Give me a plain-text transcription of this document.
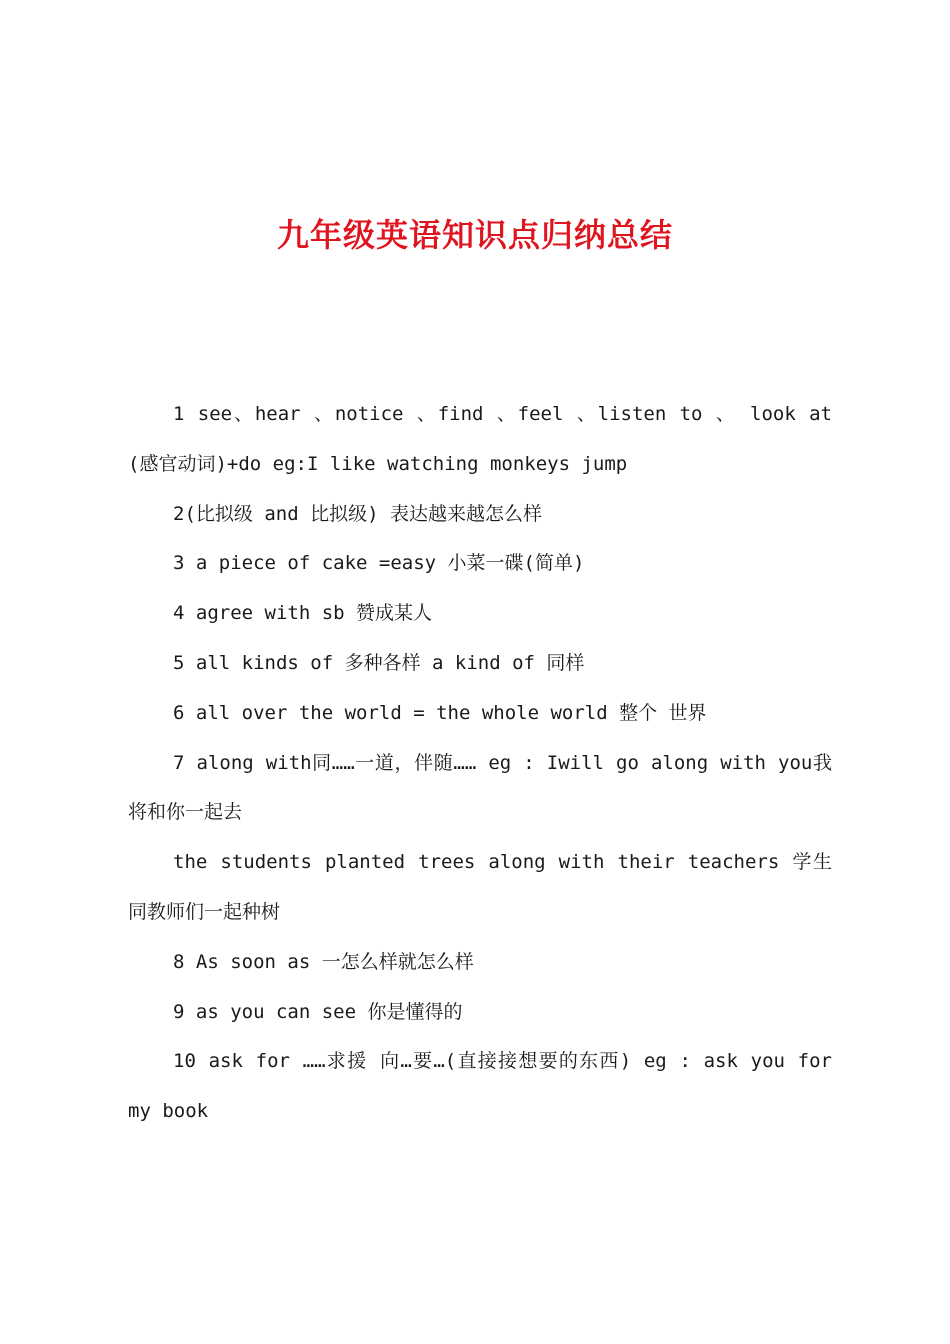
九年级英语知识点归纳总结

1 see、hear 、notice 、find 、feel 、listen to 、 look at (感官动词)+do eg:I like watching monkeys jump

2(比拟级 and 比拟级) 表达越来越怎么样

3 a piece of cake =easy 小菜一碟(简单)

4 agree with sb 赞成某人

5 all kinds of 多种各样 a kind of 同样

6 all over the world = the whole world 整个 世界

7 along with同……一道，伴随…… eg : Iwill go along with you我将和你一起去

the students planted trees along with their teachers 学生同教师们一起种树

8 As soon as 一怎么样就怎么样

9 as you can see 你是懂得的

10 ask for ……求援 向…要…(直接接想要的东西) eg : ask you for my book
